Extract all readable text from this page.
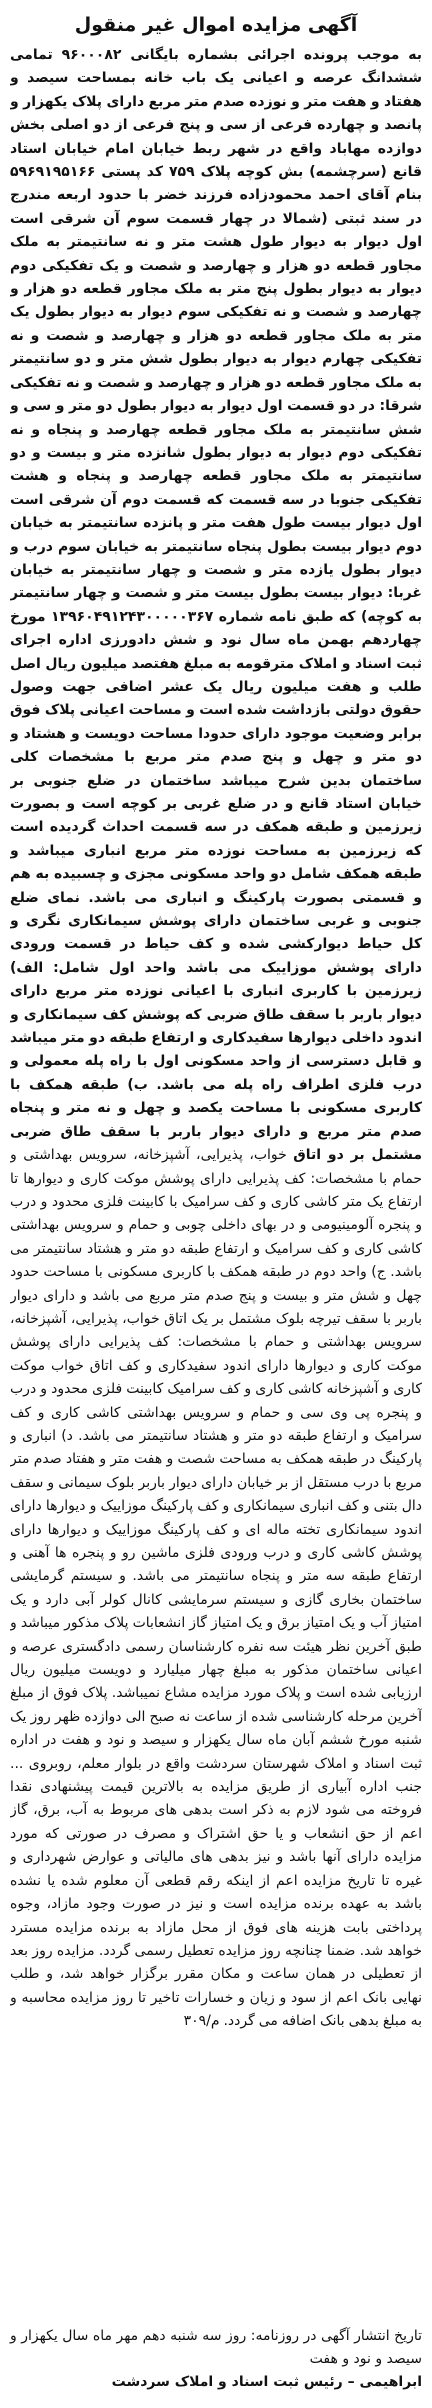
آگهی مزایده اموال غیر منقول
به موجب پرونده اجرائی بشماره بایگانی ۹۶۰۰۰۸۲ تمامی ششدانگ عرصه و اعیانی یک باب خانه بمساحت سیصد و هفتاد و هفت متر و نوزده صدم متر مربع دارای پلاک یکهزار و پانصد و چهارده فرعی از سی و پنج فرعی از دو اصلی بخش دوازده مهاباد واقع در شهر ربط خیابان امام خیابان استاد قانع (سرچشمه) بش کوچه پلاک ۷۵۹ کد پستی ۵۹۶۹۱۹۵۱۶۶ بنام آقای احمد محمودزاده فرزند خضر با حدود اربعه مندرج در سند ثبتی (شمالا در چهار قسمت سوم آن شرقی است اول دیوار به دیوار طول هشت متر و نه سانتیمتر به ملک مجاور قطعه دو هزار و چهارصد و شصت و یک تفکیکی دوم دیوار به دیوار بطول پنج متر به ملک مجاور قطعه دو هزار و چهارصد و شصت و نه تفکیکی سوم دیوار به دیوار بطول یک متر به ملک مجاور قطعه دو هزار و چهارصد و شصت و نه تفکیکی چهارم دیوار به دیوار بطول شش متر و دو سانتیمتر به ملک مجاور قطعه دو هزار و چهارصد و شصت و نه تفکیکی شرقا: در دو قسمت اول دیوار به دیوار بطول دو متر و سی و شش سانتیمتر به ملک مجاور قطعه چهارصد و پنجاه و نه تفکیکی دوم دیوار به دیوار بطول شانزده متر و بیست و دو سانتیمتر به ملک مجاور قطعه چهارصد و پنجاه و هشت تفکیکی جنوبا در سه قسمت که قسمت دوم آن شرقی است اول دیوار بیست طول هفت متر و پانزده سانتیمتر به خیابان دوم دیوار بیست بطول پنجاه سانتیمتر به خیابان سوم درب و دیوار بطول یازده متر و شصت و چهار سانتیمتر به خیابان غربا: دیوار بیست بطول بیست متر و شصت و چهار سانتیمتر به کوچه) که طبق نامه شماره ۱۳۹۶۰۴۹۱۲۴۳۰۰۰۰۰۳۶۷ مورخ چهاردهم بهمن ماه سال نود و شش دادورزی اداره اجرای ثبت اسناد و املاک مترقومه به مبلغ هفتصد میلیون ریال اصل طلب و هفت میلیون ریال یک عشر اضافی جهت وصول حقوق دولتی بازداشت شده است و مساحت اعیانی پلاک فوق برابر وضعیت موجود دارای حدودا مساحت دویست و هشتاد و دو متر و چهل و پنج صدم متر مربع با مشخصات کلی ساختمان بدین شرح میباشد ساختمان در ضلع جنوبی بر خیابان استاد قانع و در ضلع غربی بر کوچه است و بصورت زیرزمین و طبقه همکف در سه قسمت احداث گردیده است که زیرزمین به مساحت نوزده متر مربع انباری میباشد و طبقه همکف شامل دو واحد مسکونی مجزی و چسبیده به هم و قسمتی بصورت پارکینگ و انباری می باشد. نمای ضلع جنوبی و غربی ساختمان دارای پوشش سیمانکاری نگری و کل حیاط دیوارکشی شده و کف حیاط در قسمت ورودی دارای پوشش موزاییک می باشد واحد اول شامل: الف) زیرزمین با کاربری انباری با اعیانی نوزده متر مربع دارای دیوار باربر با سقف طاق ضربی که پوشش کف سیمانکاری و اندود داخلی دیوارها سفیدکاری و ارتفاع طبقه دو متر میباشد و قابل دسترسی از واحد مسکونی اول با راه پله معمولی و درب فلزی اطراف راه پله می باشد. ب) طبقه همکف با کاربری مسکونی با مساحت یکصد و چهل و نه متر و پنجاه صدم متر مربع و دارای دیوار باربر با سقف طاق ضربی مشتمل بر دو اتاق خواب، پذیرایی، آشپزخانه، سرویس بهداشتی و حمام با مشخصات: کف پذیرایی دارای پوشش موکت کاری و دیوارها تا ارتفاع یک متر کاشی کاری و کف سرامیک با کابینت فلزی محدود و درب و پنجره آلومینیومی و در بهای داخلی چوبی و حمام و سرویس بهداشتی کاشی کاری و کف سرامیک و ارتفاع طبقه دو متر و هشتاد سانتیمتر می باشد. ج) واحد دوم در طبقه همکف با کاربری مسکونی با مساحت حدود چهل و شش متر و بیست و پنج صدم متر مربع می باشد و دارای دیوار باربر با سقف تیرچه بلوک مشتمل بر یک اتاق خواب، پذیرایی، آشپزخانه، سرویس بهداشتی و حمام با مشخصات: کف پذیرایی دارای پوشش موکت کاری و دیوارها دارای اندود سفیدکاری و کف اتاق خواب موکت کاری و آشپزخانه کاشی کاری و کف سرامیک کابینت فلزی محدود و درب و پنجره پی وی سی و حمام و سرویس بهداشتی کاشی کاری و کف سرامیک و ارتفاع طبقه دو متر و هشتاد سانتیمتر می باشد. د) انباری و پارکینگ در طبقه همکف به مساحت شصت و هفت متر و هفتاد صدم متر مربع با درب مستقل از بر خیابان دارای دیوار باربر بلوک سیمانی و سقف دال بتنی و کف انباری سیمانکاری و کف پارکینگ موزاییک و دیوارها دارای اندود سیمانکاری تخته ماله ای و کف پارکینگ موزاییک و دیوارها دارای پوشش کاشی کاری و درب ورودی فلزی ماشین رو و پنجره ها آهنی و ارتفاع طبقه سه متر و پنجاه سانتیمتر می باشد. و سیستم گرمایشی ساختمان بخاری گازی و سیستم سرمایشی کانال کولر آبی دارد و یک امتیاز آب و یک امتیاز برق و یک امتیاز گاز انشعابات پلاک مذکور میباشد و طبق آخرین نظر هیئت سه نفره کارشناسان رسمی دادگستری عرصه و اعیانی ساختمان مذکور به مبلغ چهار میلیارد و دویست میلیون ریال ارزیابی شده است و پلاک مورد مزایده مشاع نمیباشد. پلاک فوق از مبلغ آخرین مرحله کارشناسی شده از ساعت نه صبح الی دوازده ظهر روز یک شنبه مورخ ششم آبان ماه سال یکهزار و سیصد و نود و هفت در اداره ثبت اسناد و املاک شهرستان سردشت واقع در بلوار معلم، روبروی ... جنب اداره آبیاری از طریق مزایده به بالاترین قیمت پیشنهادی نقدا فروخته می شود لازم به ذکر است بدهی های مربوط به آب، برق، گاز اعم از حق انشعاب و یا حق اشتراک و مصرف در صورتی که مورد مزایده دارای آنها باشد و نیز بدهی های مالیاتی و عوارض شهرداری و غیره تا تاریخ مزایده اعم از اینکه رقم قطعی آن معلوم شده یا نشده باشد به عهده برنده مزایده است و نیز در صورت وجود مازاد، وجوه پرداختی بابت هزینه های فوق از محل مازاد به برنده مزایده مسترد خواهد شد. ضمنا چنانچه روز مزایده تعطیل رسمی گردد. مزایده روز بعد از تعطیلی در همان ساعت و مکان مقرر برگزار خواهد شد، و طلب نهایی بانک اعم از سود و زیان و خسارات تاخیر تا روز مزایده محاسبه و به مبلغ بدهی بانک اضافه می گردد. م/۳۰۹
تاریخ انتشار آگهی در روزنامه: روز سه شنبه دهم مهر ماه سال یکهزار و سیصد و نود و هفت
ابراهیمی – رئیس ثبت اسناد و املاک سردشت
